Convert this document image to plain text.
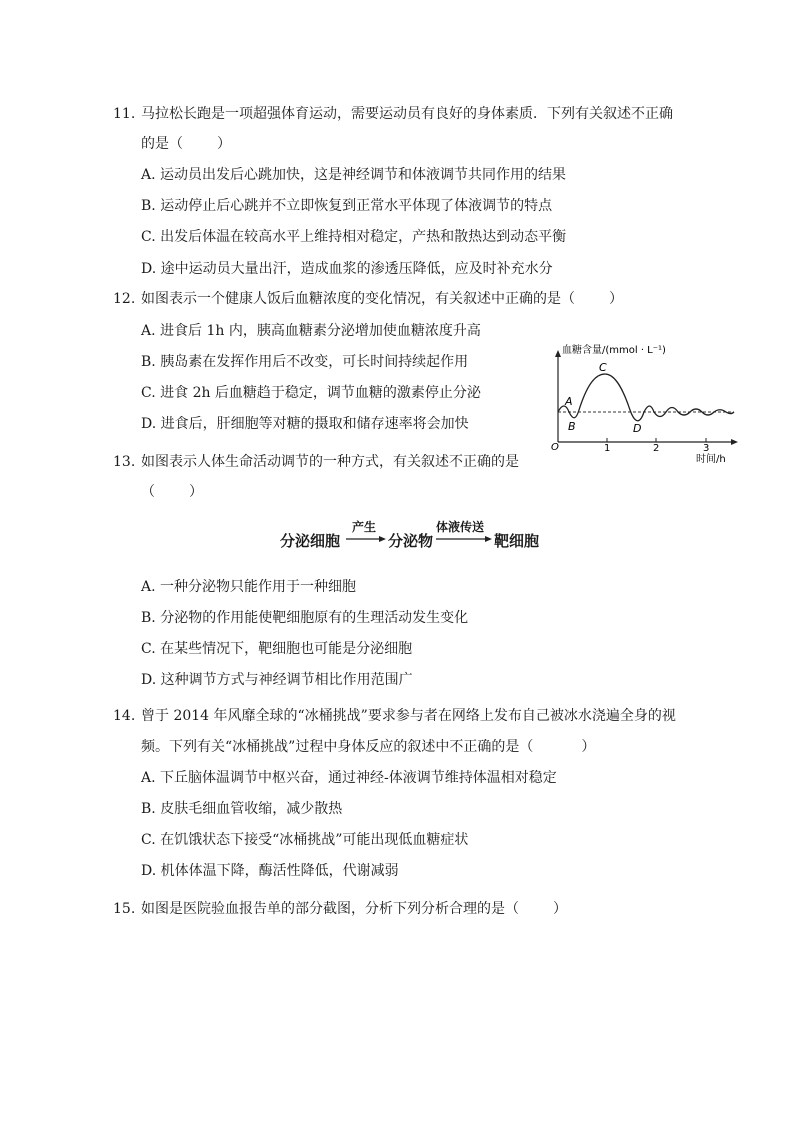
11. 马拉松长跑是一项超强体育运动，需要运动员有良好的身体素质．下列有关叙述不正确
的是（ ）
A. 运动员出发后心跳加快，这是神经调节和体液调节共同作用的结果
B. 运动停止后心跳并不立即恢复到正常水平体现了体液调节的特点
C. 出发后体温在较高水平上维持相对稳定，产热和散热达到动态平衡
D. 途中运动员大量出汗，造成血浆的渗透压降低，应及时补充水分
12. 如图表示一个健康人饭后血糖浓度的变化情况，有关叙述中正确的是（ ）
A. 进食后 1h 内，胰高血糖素分泌增加使血糖浓度升高
B. 胰岛素在发挥作用后不改变，可长时间持续起作用
C. 进食 2h 后血糖趋于稳定，调节血糖的激素停止分泌
D. 进食后，肝细胞等对糖的摄取和储存速率将会加快
血糖含量/(mmol · L⁻¹)
A
B
C
D
O	1	2	3
时间/h
13. 如图表示人体生命活动调节的一种方式，有关叙述不正确的是
（ ）
分泌细胞
产生
分泌物
体液传送
靶细胞
A. 一种分泌物只能作用于一种细胞
B. 分泌物的作用能使靶细胞原有的生理活动发生变化
C. 在某些情况下，靶细胞也可能是分泌细胞
D. 这种调节方式与神经调节相比作用范围广
14. 曾于 2014 年风靡全球的“冰桶挑战”要求参与者在网络上发布自己被冰水浇遍全身的视
频。下列有关“冰桶挑战”过程中身体反应的叙述中不正确的是（	）
A. 下丘脑体温调节中枢兴奋，通过神经-体液调节维持体温相对稳定
B. 皮肤毛细血管收缩，减少散热
C. 在饥饿状态下接受“冰桶挑战”可能出现低血糖症状
D. 机体体温下降，酶活性降低，代谢减弱
15. 如图是医院验血报告单的部分截图，分析下列分析合理的是（ ）
